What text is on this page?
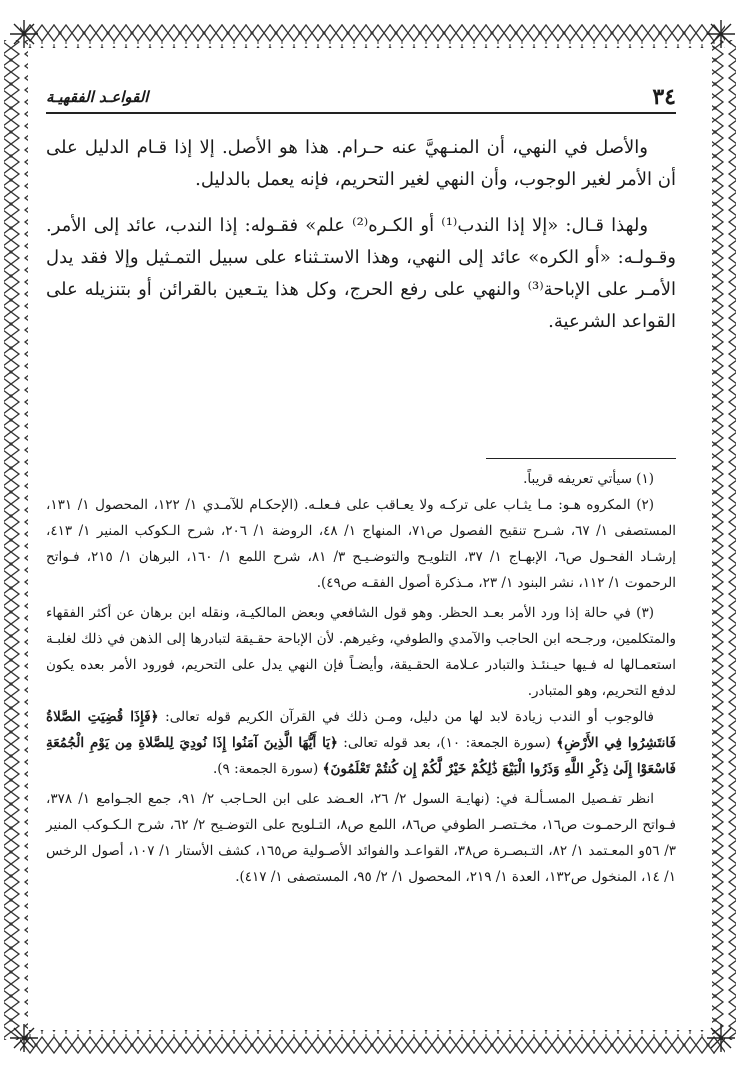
٣٤
القواعـد الفقهيـة

والأصل في النهي، أن المنـهيَّ عنه حـرام. هذا هو الأصل. إلا إذا قـام الدليل على أن الأمر لغير الوجوب، وأن النهي لغير التحريم، فإنه يعمل بالدليل.

ولهذا قـال: «إلا إذا الندب⁽¹⁾ أو الكـره⁽²⁾ علم» فقـوله: إذا الندب، عائد إلى الأمر. وقـولـه: «أو الكره» عائد إلى النهي، وهذا الاستـثناء على سبيل التمـثيل وإلا فقد يدل الأمـر على الإباحة⁽³⁾ والنهي على رفع الحرج، وكل هذا يتـعين بالقرائن أو بتنزيله على القواعد الشرعية.

(١) سيأتي تعريفه قريباً.

(٢) المكروه هـو: مـا يثـاب على تركـه ولا يعـاقب على فـعلـه. (الإحكـام للآمـدي ١/ ١٢٢، المحصول ١/ ١٣١، المستصفى ١/ ٦٧، شـرح تنقيح الفصول ص٧١، المنهاج ١/ ٤٨، الروضة ١/ ٢٠٦، شرح الـكوكب المنير ١/ ٤١٣، إرشـاد الفحـول ص٦، الإبهـاج ١/ ٣٧، التلويـح والتوضـيـح ٣/ ٨١، شرح اللمع ١/ ١٦٠، البرهان ١/ ٢١٥، فـواتح الرحموت ١/ ١١٢، نشر البنود ١/ ٢٣، مـذكرة أصول الفقـه ص٤٩).

(٣) في حالة إذا ورد الأمر بعـد الحظر. وهو قول الشافعي وبعض المالكيـة، ونقله ابن برهان عن أكثر الفقهاء والمتكلمين، ورجـحه ابن الحاجب والآمدي والطوفي، وغيرهم. لأن الإباحة حقـيقة لتبادرها إلى الذهن في ذلك لغلبـة استعمـالها له فـيها حيـنئـذ والتبادر عـلامة الحقـيقة، وأيضـاً فإن النهي يدل على التحريم، فورود الأمر بعده يكون لدفع التحريم، وهو المتبادر.

فالوجوب أو الندب زيادة لابد لها من دليل، ومـن ذلك في القرآن الكريم قوله تعالى: ﴿فَإِذَا قُضِيَتِ الصَّلاةُ فَانتَشِرُوا فِي الأَرْضِ﴾ (سورة الجمعة: ١٠)، بعد قوله تعالى: ﴿يَا أَيُّهَا الَّذِينَ آمَنُوا إِذَا نُودِيَ لِلصَّلاةِ مِن يَوْمِ الْجُمُعَةِ فَاسْعَوْا إِلَىٰ ذِكْرِ اللَّهِ وَذَرُوا الْبَيْعَ ذَٰلِكُمْ خَيْرٌ لَّكُمْ إِن كُنتُمْ تَعْلَمُونَ﴾ (سورة الجمعة: ٩).

انظر تفـصيل المسـألـة في: (نهايـة السول ٢/ ٢٦، العـضد على ابن الحـاجب ٢/ ٩١، جمع الجـوامع ١/ ٣٧٨، فـواتح الرحمـوت ص١٦، مخـتصـر الطوفي ص٨٦، اللمع ص٨، التـلويح على التوضـيح ٢/ ٦٢، شرح الـكـوكب المنير ٣/ ٥٦و المعـتمد ١/ ٨٢، التـبصـرة ص٣٨، القواعـد والفوائد الأصـولية ص١٦٥، كشف الأستار ١/ ١٠٧، أصول الرخس ١/ ١٤، المنخول ص١٣٢، العدة ١/ ٢١٩، المحصول ١/ ٢/ ٩٥، المستصفى ١/ ٤١٧).
